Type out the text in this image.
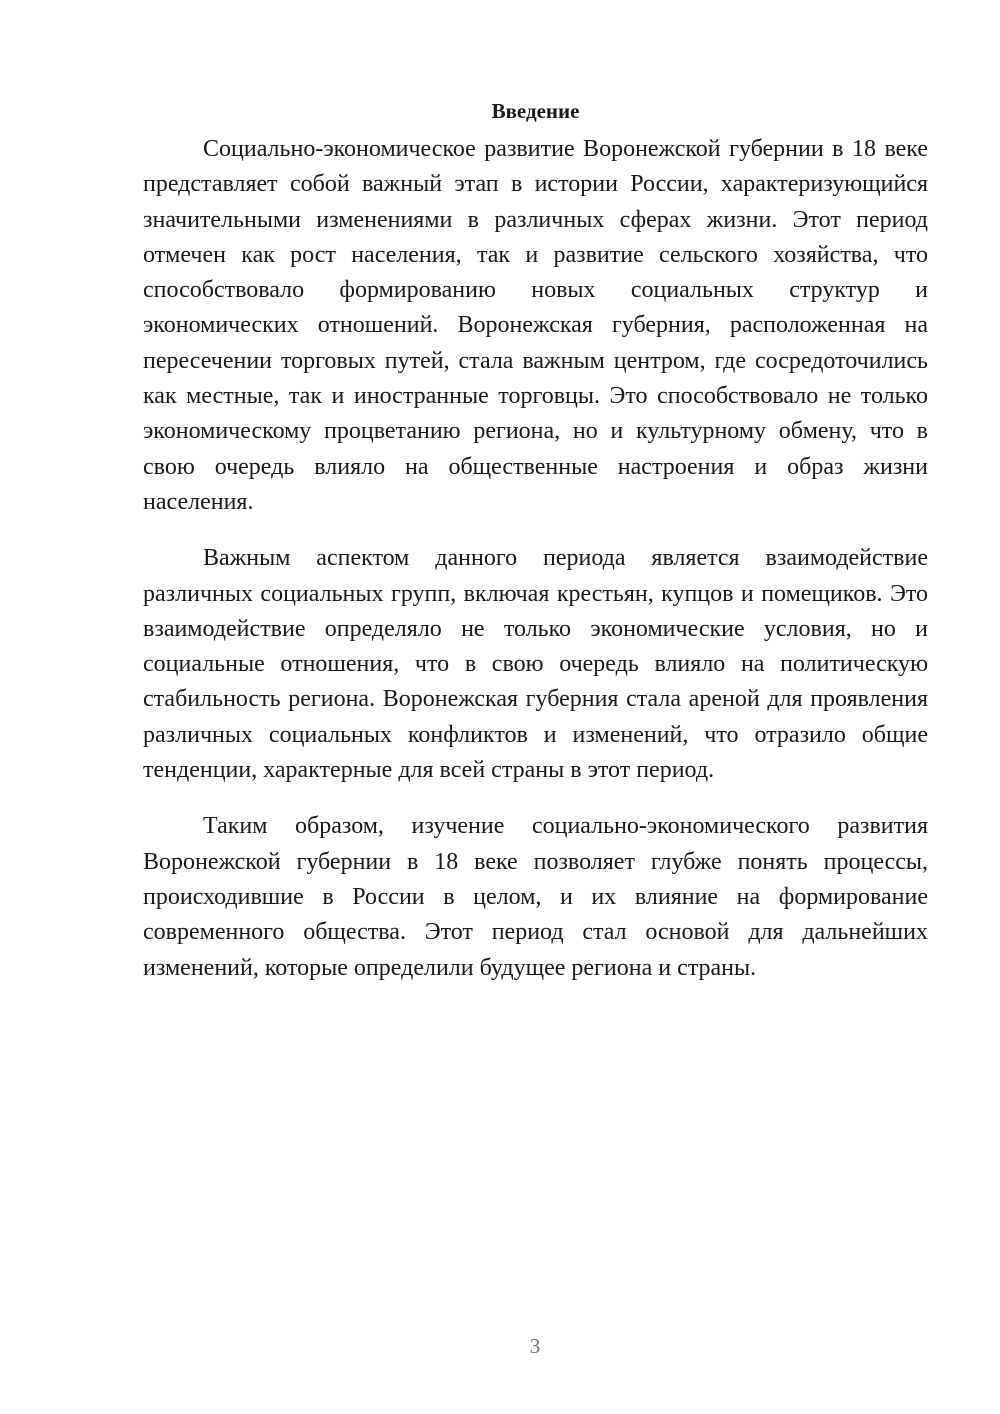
Введение

Социально-экономическое развитие Воронежской губернии в 18 веке представляет собой важный этап в истории России, характеризующийся значительными изменениями в различных сферах жизни. Этот период отмечен как рост населения, так и развитие сельского хозяйства, что способствовало формированию новых социальных структур и экономических отношений. Воронежская губерния, расположенная на пересечении торговых путей, стала важным центром, где сосредоточились как местные, так и иностранные торговцы. Это способствовало не только экономическому процветанию региона, но и культурному обмену, что в свою очередь влияло на общественные настроения и образ жизни населения.

Важным аспектом данного периода является взаимодействие различных социальных групп, включая крестьян, купцов и помещиков. Это взаимодействие определяло не только экономические условия, но и социальные отношения, что в свою очередь влияло на политическую стабильность региона. Воронежская губерния стала ареной для проявления различных социальных конфликтов и изменений, что отразило общие тенденции, характерные для всей страны в этот период.

Таким образом, изучение социально-экономического развития Воронежской губернии в 18 веке позволяет глубже понять процессы, происходившие в России в целом, и их влияние на формирование современного общества. Этот период стал основой для дальнейших изменений, которые определили будущее региона и страны.

3
